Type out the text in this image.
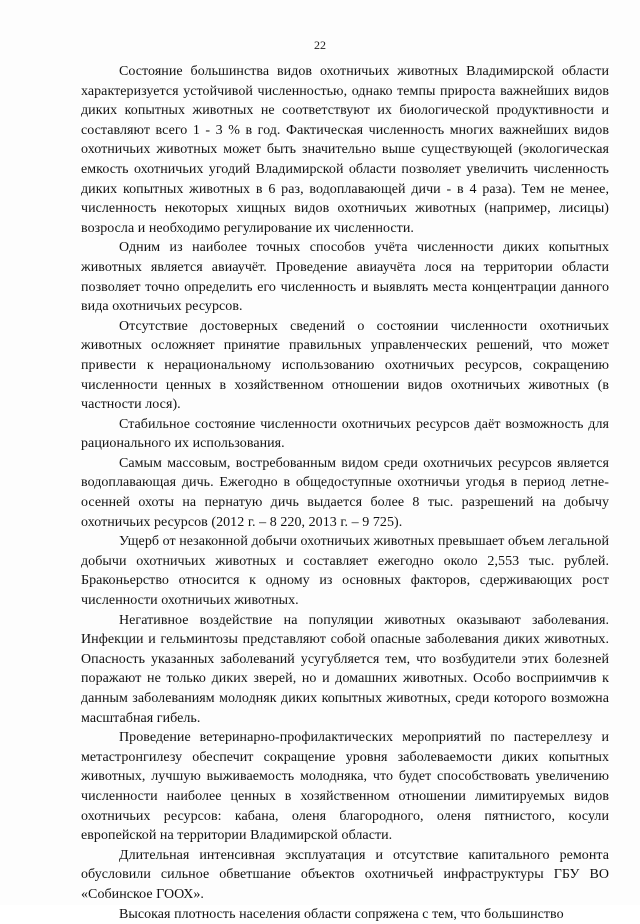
22

Состояние большинства видов охотничьих животных Владимирской области характеризуется устойчивой численностью, однако темпы прироста важнейших видов диких копытных животных не соответствуют их биологической продуктивности и составляют всего 1 - 3 % в год. Фактическая численность многих важнейших видов охотничьих животных может быть значительно выше существующей (экологическая емкость охотничьих угодий Владимирской области позволяет увеличить численность диких копытных животных в 6 раз, водоплавающей дичи - в 4 раза). Тем не менее, численность некоторых хищных видов охотничьих животных (например, лисицы) возросла и необходимо регулирование их численности.

Одним из наиболее точных способов учёта численности диких копытных животных является авиаучёт. Проведение авиаучёта лося на территории области позволяет точно определить его численность и выявлять места концентрации данного вида охотничьих ресурсов.

Отсутствие достоверных сведений о состоянии численности охотничьих животных осложняет принятие правильных управленческих решений, что может привести к нерациональному использованию охотничьих ресурсов, сокращению численности ценных в хозяйственном отношении видов охотничьих животных (в частности лося).

Стабильное состояние численности охотничьих ресурсов даёт возможность для рационального их использования.

Самым массовым, востребованным видом среди охотничьих ресурсов является водоплавающая дичь. Ежегодно в общедоступные охотничьи угодья в период летне-осенней охоты на пернатую дичь выдается более 8 тыс. разрешений на добычу охотничьих ресурсов (2012 г. – 8 220, 2013 г. – 9 725).

Ущерб от незаконной добычи охотничьих животных превышает объем легальной добычи охотничьих животных и составляет ежегодно около 2,553 тыс. рублей. Браконьерство относится к одному из основных факторов, сдерживающих рост численности охотничьих животных.

Негативное воздействие на популяции животных оказывают заболевания. Инфекции и гельминтозы представляют собой опасные заболевания диких животных. Опасность указанных заболеваний усугубляется тем, что возбудители этих болезней поражают не только диких зверей, но и домашних животных. Особо восприимчив к данным заболеваниям молодняк диких копытных животных, среди которого возможна масштабная гибель.

Проведение ветеринарно-профилактических мероприятий по пастереллезу и метастронгилезу обеспечит сокращение уровня заболеваемости диких копытных животных, лучшую выживаемость молодняка, что будет способствовать увеличению численности наиболее ценных в хозяйственном отношении лимитируемых видов охотничьих ресурсов: кабана, оленя благородного, оленя пятнистого, косули европейской на территории Владимирской области.

Длительная интенсивная эксплуатация и отсутствие капитального ремонта обусловили сильное обветшание объектов охотничьей инфраструктуры ГБУ ВО «Собинское ГООХ».

Высокая плотность населения области сопряжена с тем, что большинство
